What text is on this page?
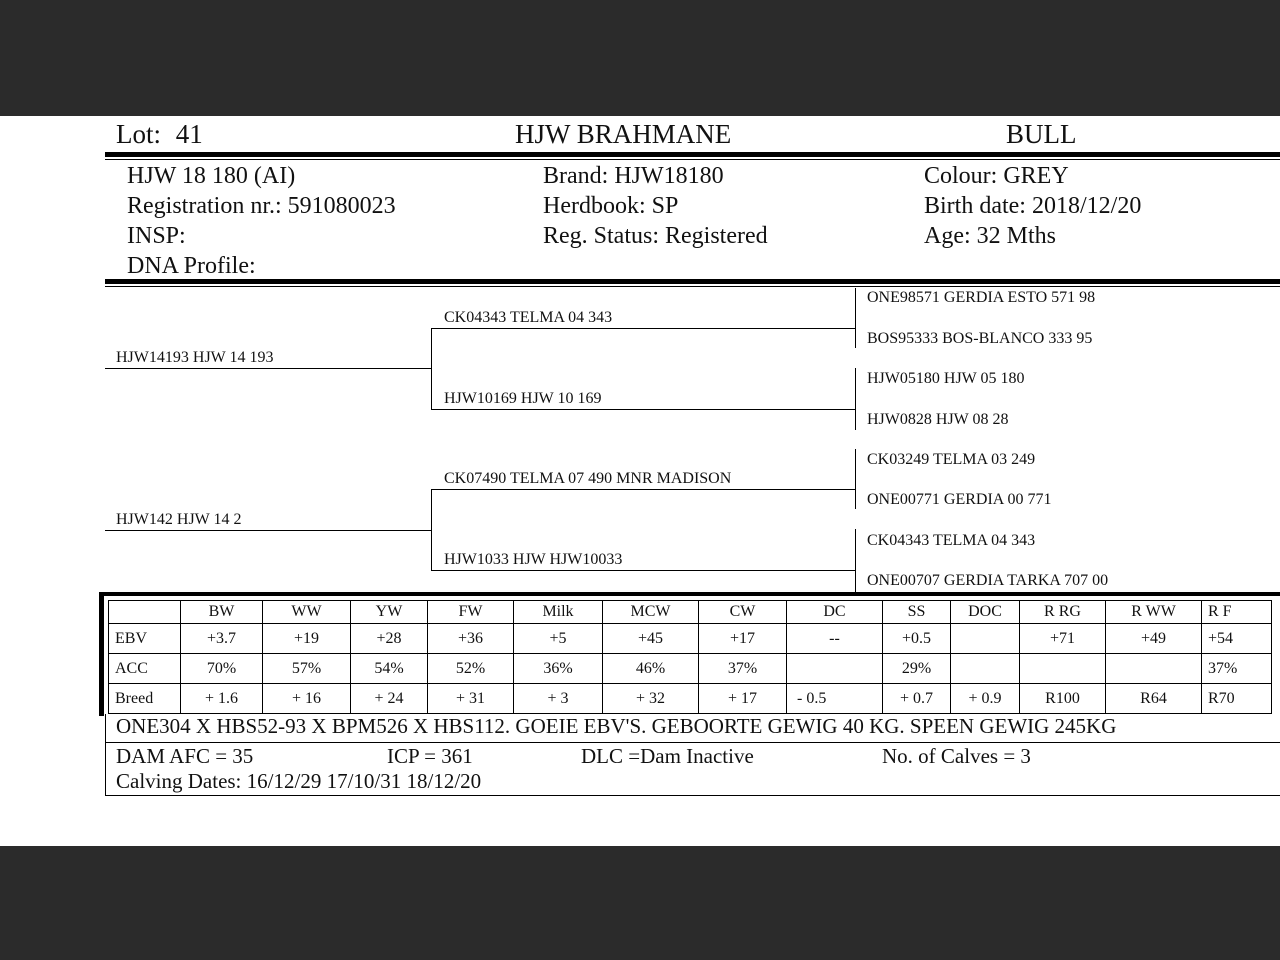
Lot: 41	HJW BRAHMANE	BULL
HJW 18 180 (AI)
Registration nr.: 591080023
INSP:
DNA Profile:
Brand: HJW18180
Herdbook: SP
Reg. Status: Registered
Colour: GREY
Birth date: 2018/12/20
Age: 32 Mths
HJW14193 HJW 14 193
HJW142 HJW 14 2
CK04343 TELMA 04 343
HJW10169 HJW 10 169
CK07490 TELMA 07 490 MNR MADISON
HJW1033 HJW HJW10033
ONE98571 GERDIA ESTO 571 98
BOS95333 BOS-BLANCO 333 95
HJW05180 HJW 05 180
HJW0828 HJW 08 28
CK03249 TELMA 03 249
ONE00771 GERDIA 00 771
CK04343 TELMA 04 343
ONE00707 GERDIA TARKA 707 00
	BW	WW	YW	FW	Milk	MCW	CW	DC	SS	DOC	R RG	R WW	R F
EBV	+3.7	+19	+28	+36	+5	+45	+17	--	+0.5		+71	+49	+54
ACC	70%	57%	54%	52%	36%	46%	37%		29%				37%
Breed	+ 1.6	+ 16	+ 24	+ 31	+ 3	+ 32	+ 17	- 0.5	+ 0.7	+ 0.9	R100	R64	R70
ONE304 X HBS52-93 X BPM526 X HBS112. GOEIE EBV'S. GEBOORTE GEWIG 40 KG. SPEEN GEWIG 245KG
DAM AFC = 35	ICP = 361	DLC =Dam Inactive	No. of Calves = 3
Calving Dates: 16/12/29 17/10/31 18/12/20
